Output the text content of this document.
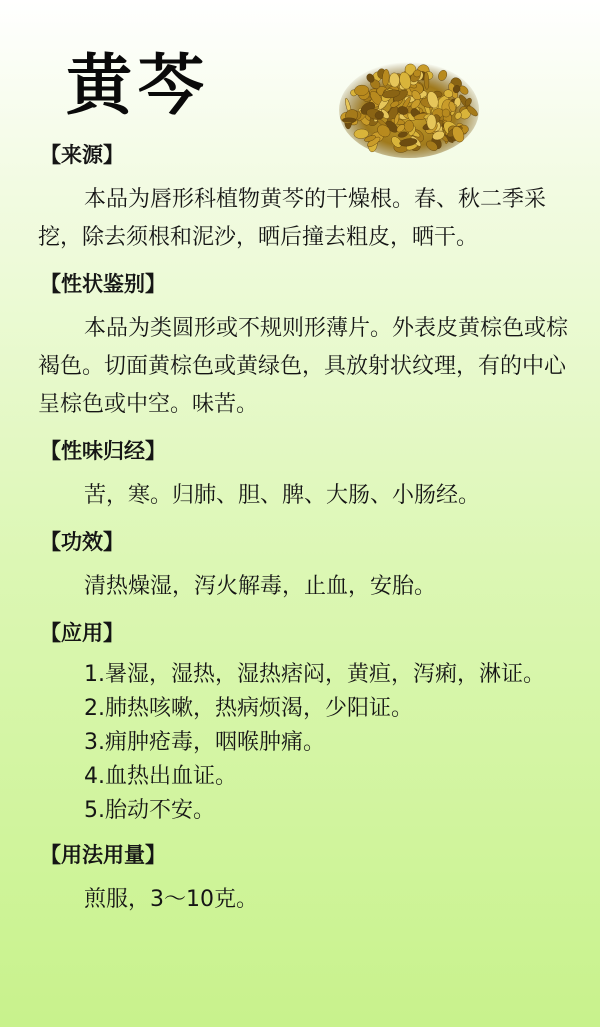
黄芩
【来源】

本品为唇形科植物黄芩的干燥根。春、秋二季采挖，除去须根和泥沙，晒后撞去粗皮，晒干。

【性状鉴别】

本品为类圆形或不规则形薄片。外表皮黄棕色或棕褐色。切面黄棕色或黄绿色，具放射状纹理，有的中心呈棕色或中空。味苦。

【性味归经】

苦，寒。归肺、胆、脾、大肠、小肠经。

【功效】

清热燥湿，泻火解毒，止血，安胎。

【应用】

1.暑湿，湿热，湿热痞闷，黄疸，泻痢，淋证。

2.肺热咳嗽，热病烦渴，少阳证。

3.痈肿疮毒，咽喉肿痛。

4.血热出血证。

5.胎动不安。

【用法用量】

煎服，3～10克。
